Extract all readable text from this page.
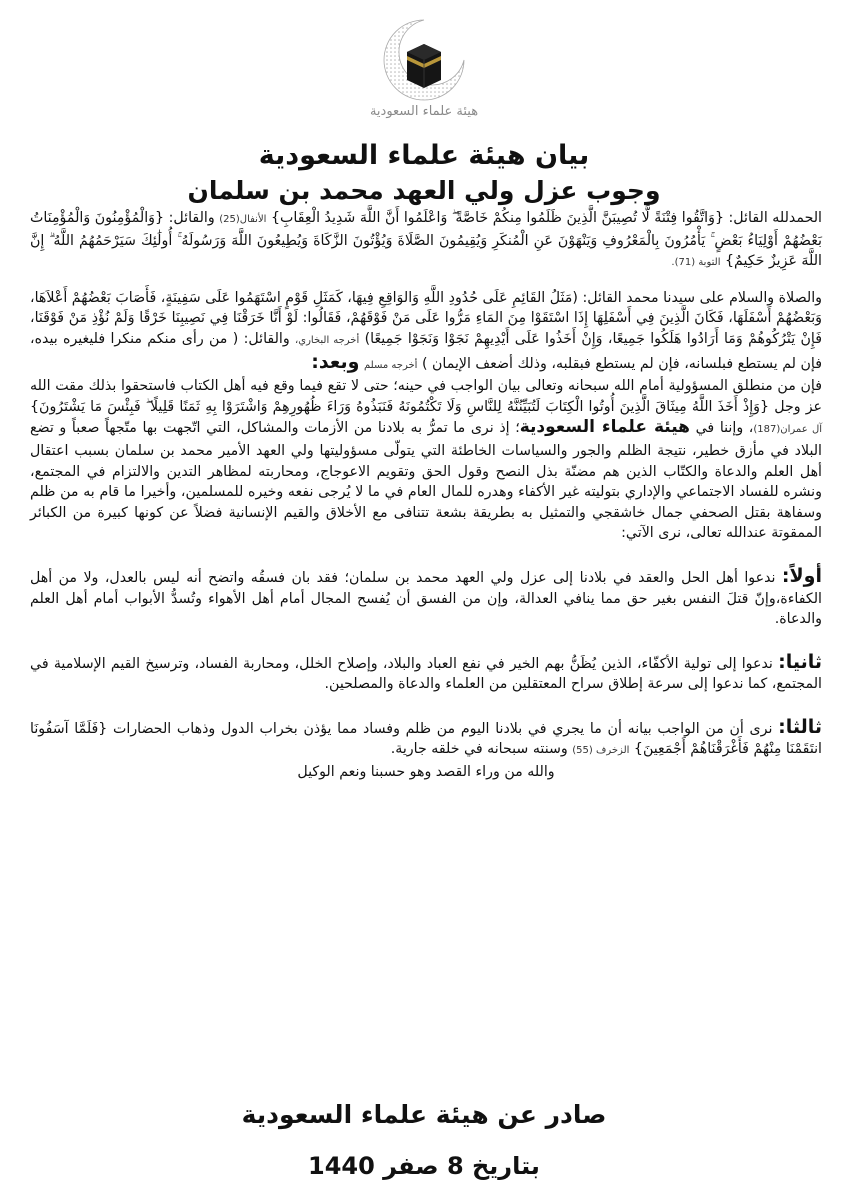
هيئة علماء السعودية
بيان هيئة علماء السعودية
وجوب عزل ولي العهد محمد بن سلمان

الحمدلله القائل: {وَاتَّقُوا فِتْنَةً لَّا تُصِيبَنَّ الَّذِينَ ظَلَمُوا مِنكُمْ خَاصَّةً ۖ وَاعْلَمُوا أَنَّ اللَّهَ شَدِيدُ الْعِقَابِ} الأنفال(25) والقائل: {وَالْمُؤْمِنُونَ وَالْمُؤْمِنَاتُ بَعْضُهُمْ أَوْلِيَاءُ بَعْضٍ ۚ يَأْمُرُونَ بِالْمَعْرُوفِ وَيَنْهَوْنَ عَنِ الْمُنكَرِ وَيُقِيمُونَ الصَّلَاةَ وَيُؤْتُونَ الزَّكَاةَ وَيُطِيعُونَ اللَّهَ وَرَسُولَهُ ۚ أُولَٰئِكَ سَيَرْحَمُهُمُ اللَّهُ ۗ إِنَّ اللَّهَ عَزِيزٌ حَكِيمٌ} التوبة (71).

والصلاة والسلام على سيدنا محمد القائل: (مَثَلُ القَائِمِ عَلَى حُدُودِ اللَّهِ وَالوَاقِعِ فِيهَا، كَمَثَلِ قَوْمٍ اسْتَهَمُوا عَلَى سَفِينَةٍ، فَأَصَابَ بَعْضُهُمْ أَعْلاَهَا، وَبَعْضُهُمْ أَسْفَلَهَا، فَكَانَ الَّذِينَ فِي أَسْفَلِهَا إِذَا اسْتَقَوْا مِنَ المَاءِ مَرُّوا عَلَى مَنْ فَوْقَهُمْ، فَقَالُوا: لَوْ أَنَّا خَرَقْنَا فِي نَصِيبِنَا خَرْقًا وَلَمْ نُؤْذِ مَنْ فَوْقَنَا، فَإِنْ يَتْرُكُوهُمْ وَمَا أَرَادُوا هَلَكُوا جَمِيعًا، وَإِنْ أَخَذُوا عَلَى أَيْدِيهِمْ نَجَوْا وَنَجَوْا جَمِيعًا) أخرجه البخاري، والقائل: ( من رأى منكم منكرا فليغيره بيده، فإن لم يستطع فبلسانه، فإن لم يستطع فبقلبه، وذلك أضعف الإيمان ) أخرجه مسلم وبعد:

فإن من منطلق المسؤولية أمام الله سبحانه وتعالى بيان الواجب في حينه؛ حتى لا تقع فيما وقع فيه أهل الكتاب فاستحقوا بذلك مقت الله عز وجل {وَإِذْ أَخَذَ اللَّهُ مِيثَاقَ الَّذِينَ أُوتُوا الْكِتَابَ لَتُبَيِّنُنَّهُ لِلنَّاسِ وَلَا تَكْتُمُونَهُ فَنَبَذُوهُ وَرَاءَ ظُهُورِهِمْ وَاشْتَرَوْا بِهِ ثَمَنًا قَلِيلًا ۖ فَبِئْسَ مَا يَشْتَرُونَ} آل عمران(187)، وإننا في هيئة علماء السعودية؛ إذ نرى ما تمرُّ به بلادنا من الأزمات والمشاكل، التي اتّجهت بها متّجهاً صعباً و تضع البلاد في مأزق خطير، نتيجة الظلم والجور والسياسات الخاطئة التي يتولّى مسؤوليتها ولي العهد الأمير محمد بن سلمان بسبب اعتقال أهل العلم والدعاة والكتّاب الذين هم مضنّة بذل النصح وقول الحق وتقويم الاعوجاج، ومحاربته لمظاهر التدين والالتزام في المجتمع، ونشره للفساد الاجتماعي والإداري بتوليته غير الأكفاء وهدره للمال العام في ما لا يُرجى نفعه وخيره للمسلمين، وأخيرا ما قام به من ظلم وسفاهة بقتل الصحفي جمال خاشقجي والتمثيل به بطريقة بشعة تتنافى مع الأخلاق والقيم الإنسانية فضلاً عن كونها كبيرة من الكبائر الممقوتة عندالله تعالى، نرى الآتي:

أولاً: ندعوا أهل الحل والعقد في بلادنا إلى عزل ولي العهد محمد بن سلمان؛ فقد بان فسقُه واتضح أنه ليس بالعدل، ولا من أهل الكفاءة،وإنّ قتلَ النفس بغير حق مما ينافي العدالة، وإن من الفسق أن يُفسح المجال أمام أهل الأهواء وتُسدُّ الأبواب أمام أهل العلم والدعاة.

ثانيا: ندعوا إلى تولية الأكفّاء، الذين يُظَنُّ بهم الخير في نفع العباد والبلاد، وإصلاح الخلل، ومحاربة الفساد، وترسيخ القيم الإسلامية في المجتمع، كما ندعوا إلى سرعة إطلاق سراح المعتقلين من العلماء والدعاة والمصلحين.

ثالثا: نرى أن من الواجب بيانه أن ما يجري في بلادنا اليوم من ظلم وفساد مما يؤذن بخراب الدول وذهاب الحضارات {فَلَمَّا آسَفُونَا انتَقَمْنَا مِنْهُمْ فَأَغْرَقْنَاهُمْ أَجْمَعِينَ} الزخرف (55) وسنته سبحانه في خلقه جارية.

والله من وراء القصد وهو حسبنا ونعم الوكيل

صادر عن هيئة علماء السعودية
بتاريخ 8 صفر 1440
